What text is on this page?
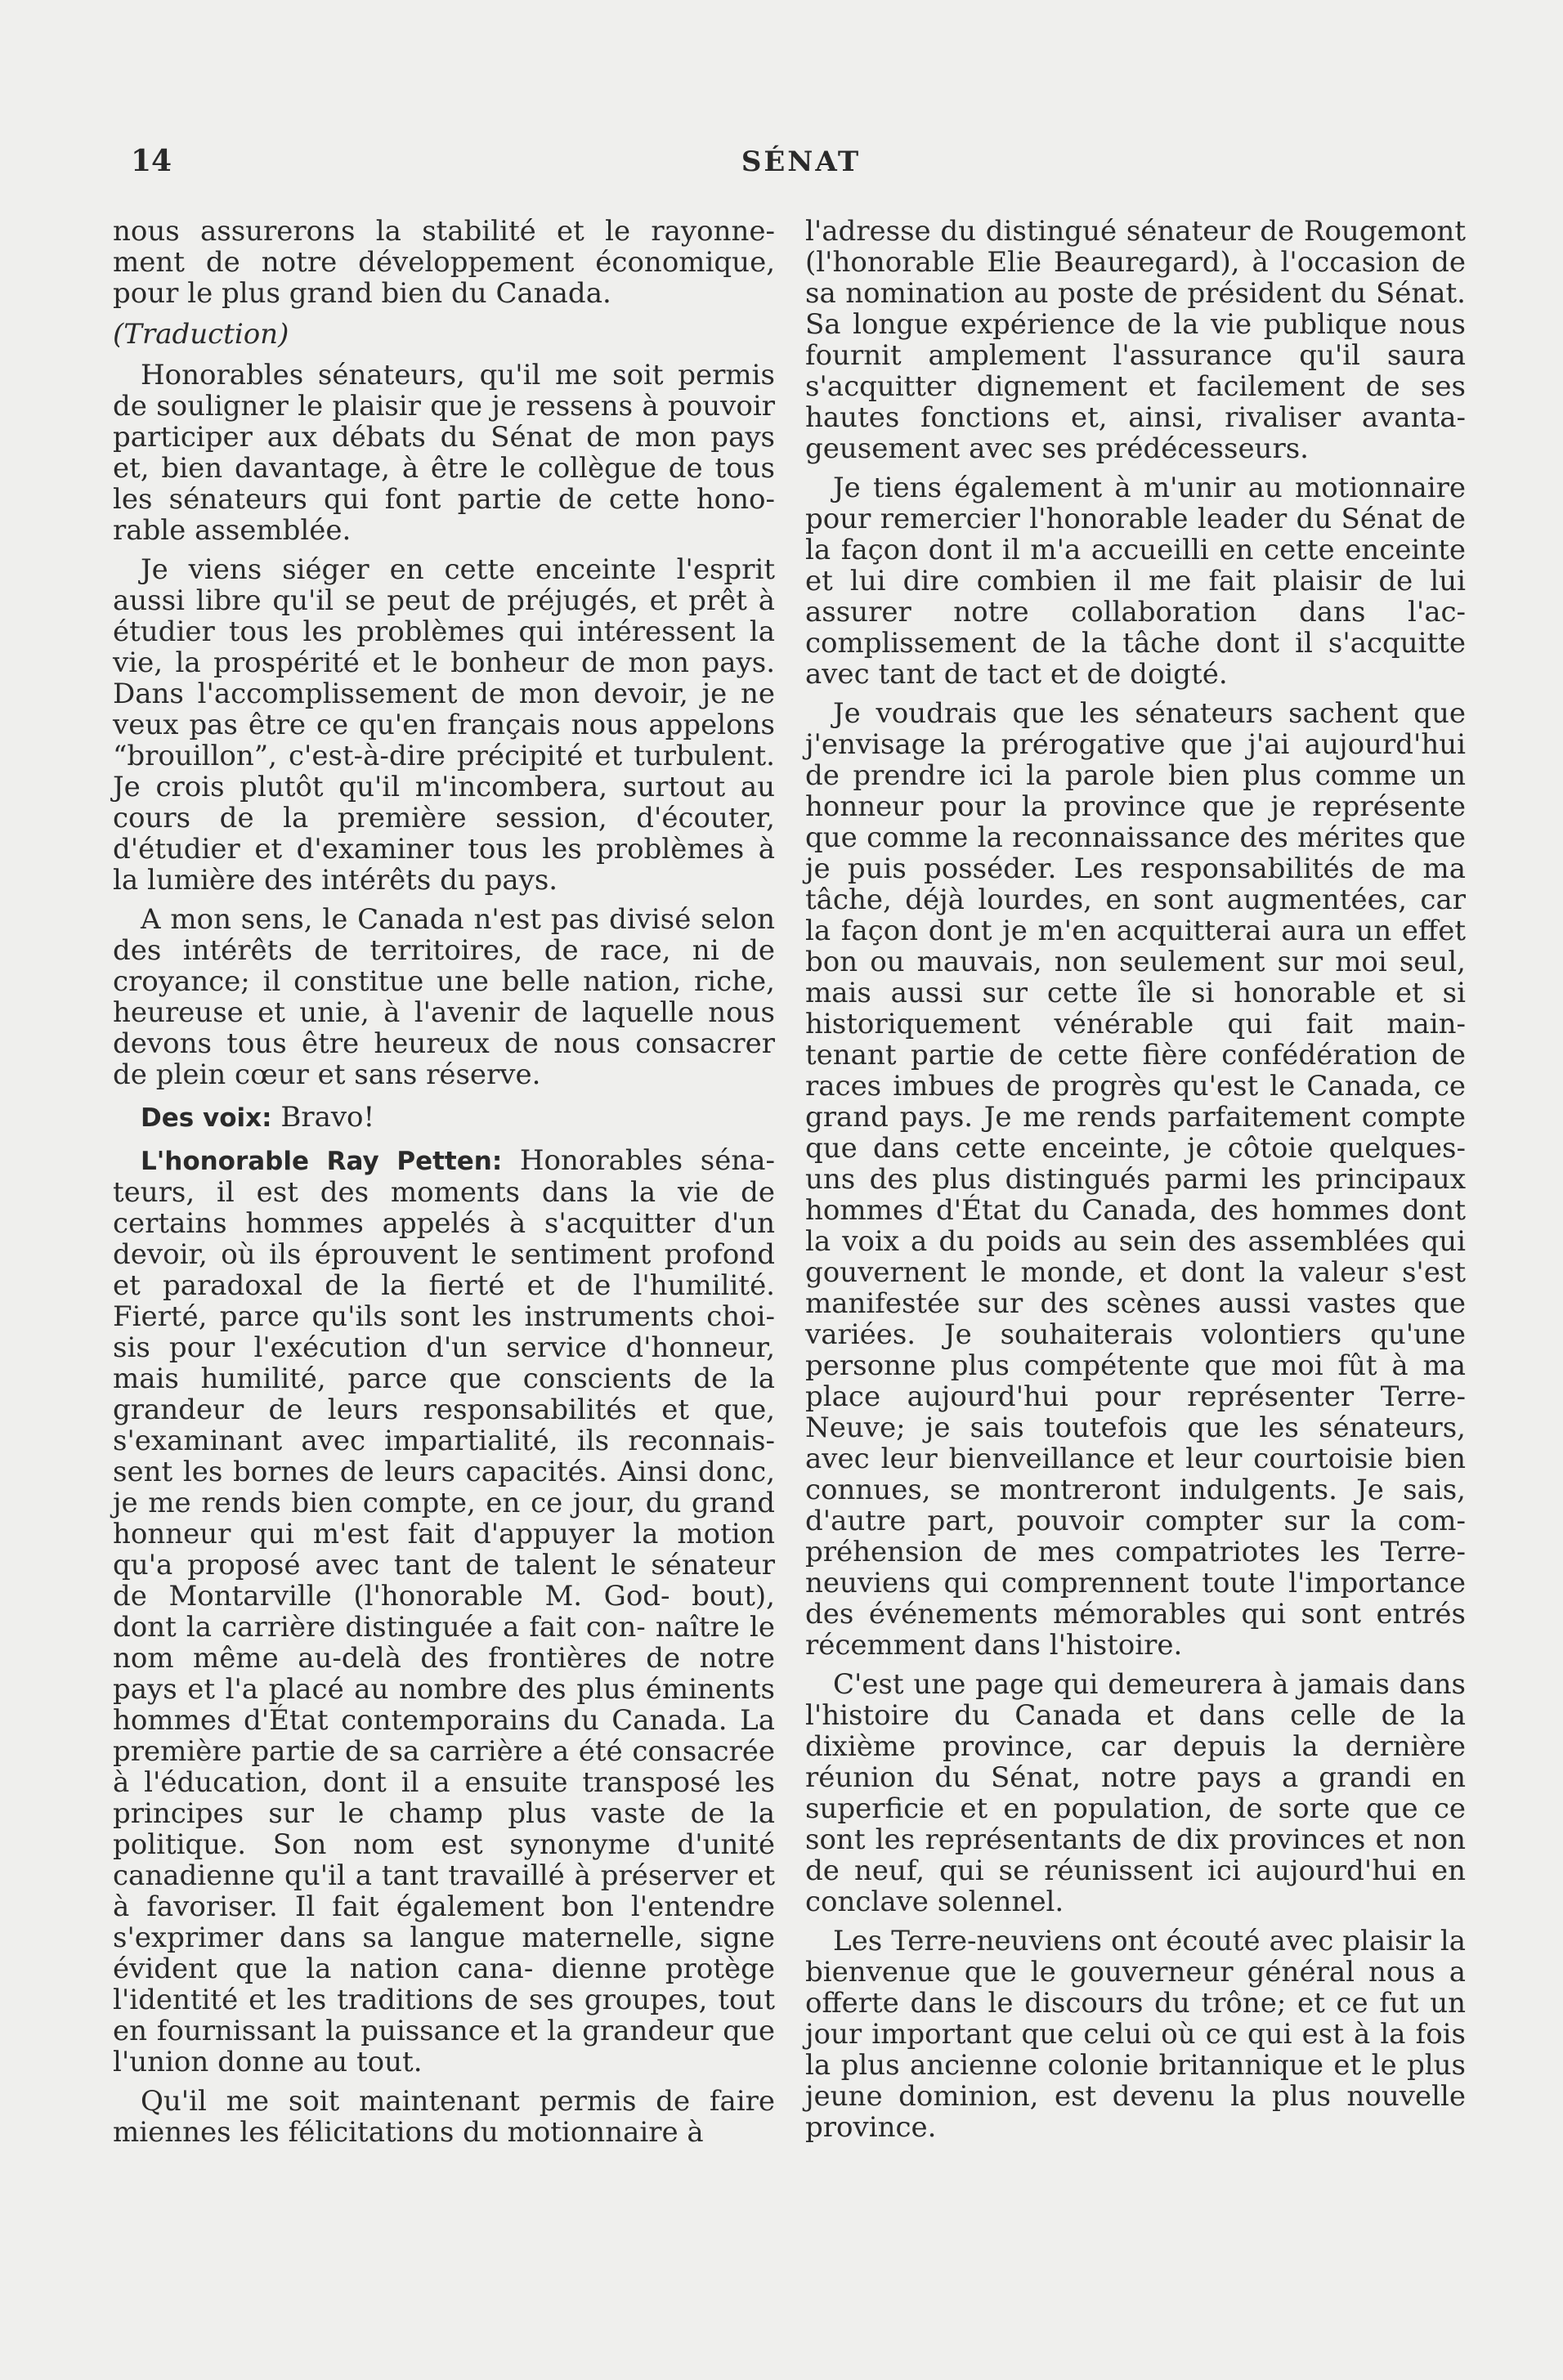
14	SÉNAT

nous assurerons la stabilité et le rayonne- ment de notre développement économique, pour le plus grand bien du Canada.

(Traduction)

Honorables sénateurs, qu'il me soit permis de souligner le plaisir que je ressens à pouvoir participer aux débats du Sénat de mon pays et, bien davantage, à être le collègue de tous les sénateurs qui font partie de cette hono- rable assemblée.

Je viens siéger en cette enceinte l'esprit aussi libre qu'il se peut de préjugés, et prêt à étudier tous les problèmes qui intéressent la vie, la prospérité et le bonheur de mon pays. Dans l'accomplissement de mon devoir, je ne veux pas être ce qu'en français nous appelons “brouillon”, c'est-à-dire précipité et turbulent. Je crois plutôt qu'il m'incombera, surtout au cours de la première session, d'écouter, d'étudier et d'examiner tous les problèmes à la lumière des intérêts du pays.

A mon sens, le Canada n'est pas divisé selon des intérêts de territoires, de race, ni de croyance; il constitue une belle nation, riche, heureuse et unie, à l'avenir de laquelle nous devons tous être heureux de nous consacrer de plein cœur et sans réserve.

Des voix: Bravo!

L'honorable Ray Petten: Honorables séna- teurs, il est des moments dans la vie de certains hommes appelés à s'acquitter d'un devoir, où ils éprouvent le sentiment profond et paradoxal de la fierté et de l'humilité. Fierté, parce qu'ils sont les instruments choi- sis pour l'exécution d'un service d'honneur, mais humilité, parce que conscients de la grandeur de leurs responsabilités et que, s'examinant avec impartialité, ils reconnais- sent les bornes de leurs capacités. Ainsi donc, je me rends bien compte, en ce jour, du grand honneur qui m'est fait d'appuyer la motion qu'a proposé avec tant de talent le sénateur de Montarville (l'honorable M. God- bout), dont la carrière distinguée a fait con- naître le nom même au-delà des frontières de notre pays et l'a placé au nombre des plus éminents hommes d'État contemporains du Canada. La première partie de sa carrière a été consacrée à l'éducation, dont il a ensuite transposé les principes sur le champ plus vaste de la politique. Son nom est synonyme d'unité canadienne qu'il a tant travaillé à préserver et à favoriser. Il fait également bon l'entendre s'exprimer dans sa langue maternelle, signe évident que la nation cana- dienne protège l'identité et les traditions de ses groupes, tout en fournissant la puissance et la grandeur que l'union donne au tout.

Qu'il me soit maintenant permis de faire miennes les félicitations du motionnaire à

l'adresse du distingué sénateur de Rougemont (l'honorable Elie Beauregard), à l'occasion de sa nomination au poste de président du Sénat. Sa longue expérience de la vie publique nous fournit amplement l'assurance qu'il saura s'acquitter dignement et facilement de ses hautes fonctions et, ainsi, rivaliser avanta- geusement avec ses prédécesseurs.

Je tiens également à m'unir au motionnaire pour remercier l'honorable leader du Sénat de la façon dont il m'a accueilli en cette enceinte et lui dire combien il me fait plaisir de lui assurer notre collaboration dans l'ac- complissement de la tâche dont il s'acquitte avec tant de tact et de doigté.

Je voudrais que les sénateurs sachent que j'envisage la prérogative que j'ai aujourd'hui de prendre ici la parole bien plus comme un honneur pour la province que je représente que comme la reconnaissance des mérites que je puis posséder. Les responsabilités de ma tâche, déjà lourdes, en sont augmentées, car la façon dont je m'en acquitterai aura un effet bon ou mauvais, non seulement sur moi seul, mais aussi sur cette île si honorable et si historiquement vénérable qui fait main- tenant partie de cette fière confédération de races imbues de progrès qu'est le Canada, ce grand pays. Je me rends parfaitement compte que dans cette enceinte, je côtoie quelques-uns des plus distingués parmi les principaux hommes d'État du Canada, des hommes dont la voix a du poids au sein des assemblées qui gouvernent le monde, et dont la valeur s'est manifestée sur des scènes aussi vastes que variées. Je souhaiterais volontiers qu'une personne plus compétente que moi fût à ma place aujourd'hui pour représenter Terre- Neuve; je sais toutefois que les sénateurs, avec leur bienveillance et leur courtoisie bien connues, se montreront indulgents. Je sais, d'autre part, pouvoir compter sur la com- préhension de mes compatriotes les Terre- neuviens qui comprennent toute l'importance des événements mémorables qui sont entrés récemment dans l'histoire.

C'est une page qui demeurera à jamais dans l'histoire du Canada et dans celle de la dixième province, car depuis la dernière réunion du Sénat, notre pays a grandi en superficie et en population, de sorte que ce sont les représentants de dix provinces et non de neuf, qui se réunissent ici aujourd'hui en conclave solennel.

Les Terre-neuviens ont écouté avec plaisir la bienvenue que le gouverneur général nous a offerte dans le discours du trône; et ce fut un jour important que celui où ce qui est à la fois la plus ancienne colonie britannique et le plus jeune dominion, est devenu la plus nouvelle province.
